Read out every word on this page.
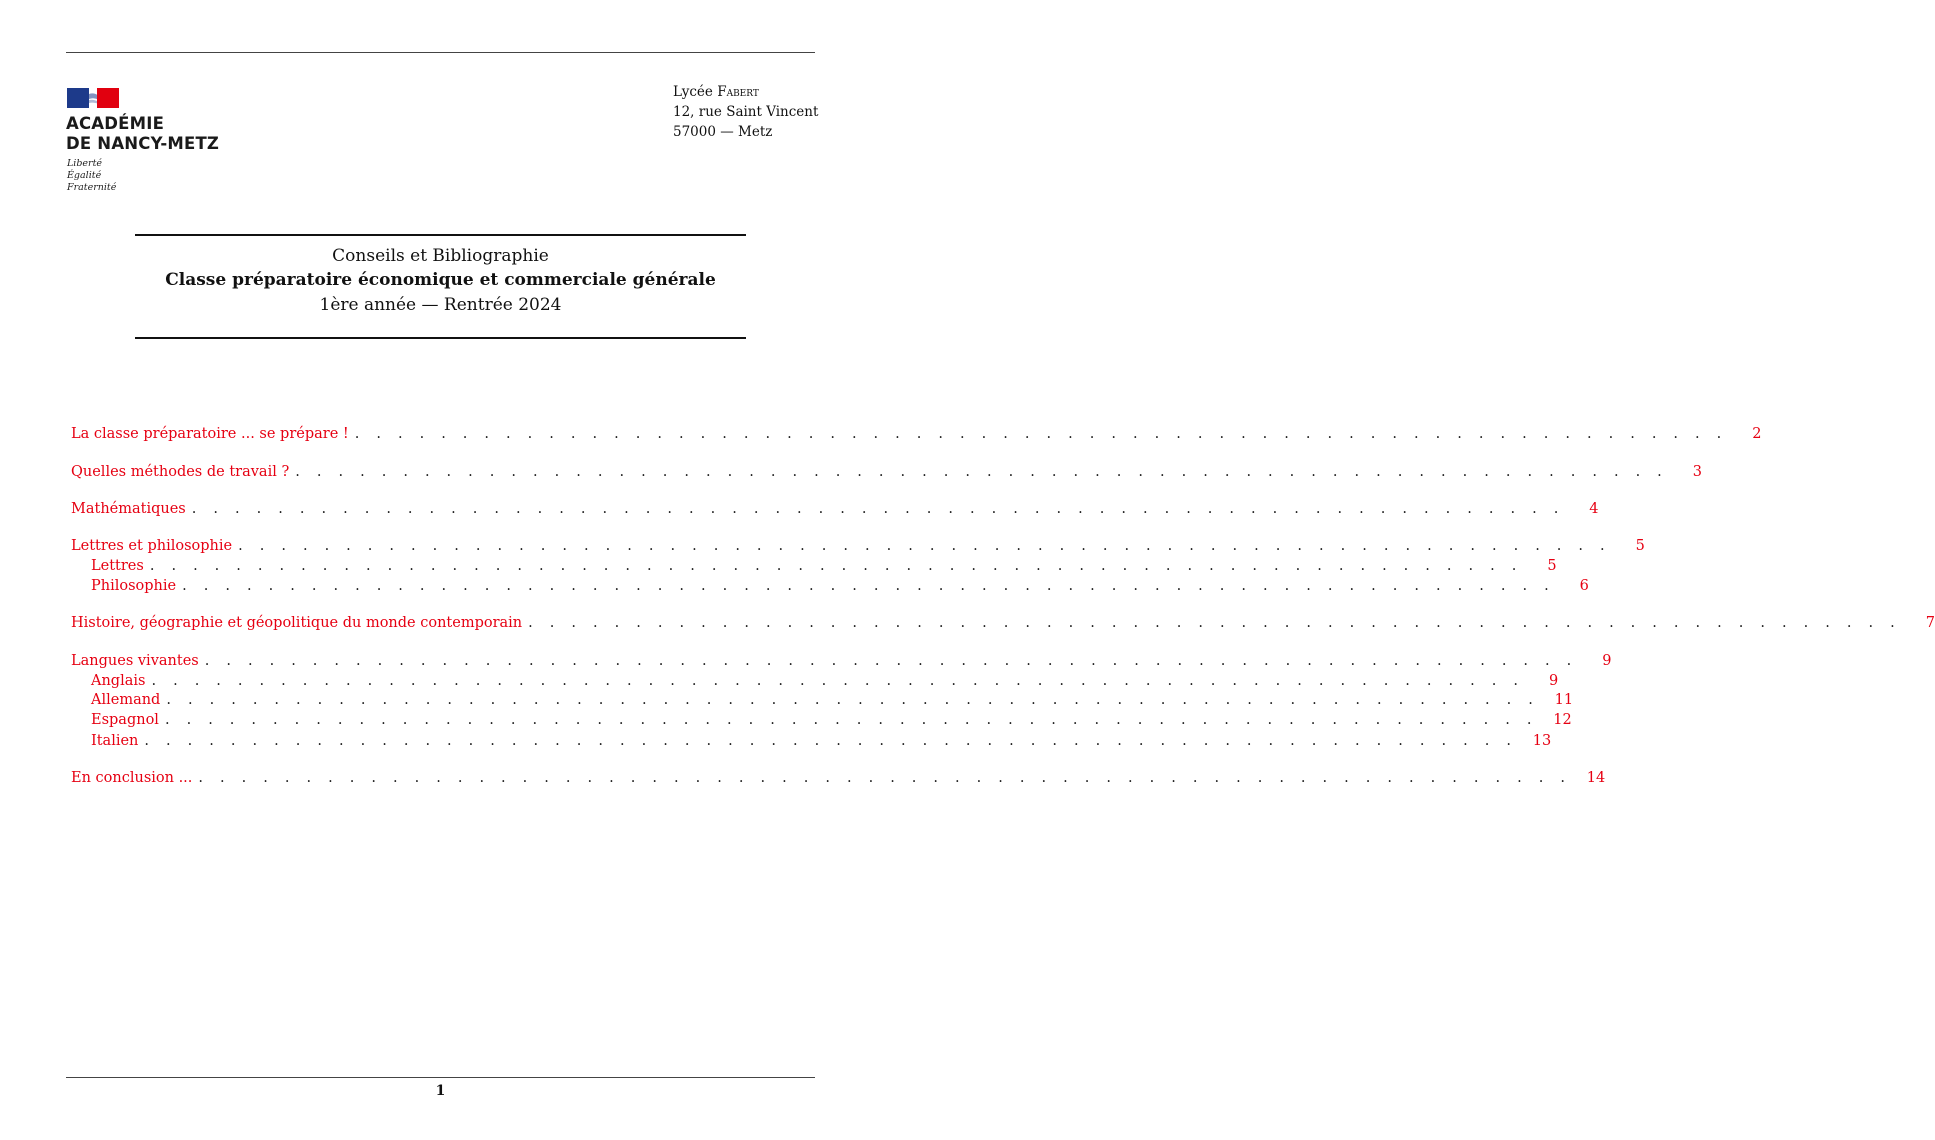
ACADÉMIE
DE NANCY-METZ
Liberté
Égalité
Fraternité
Lycée Fabert
12, rue Saint Vincent
57000 — Metz
Conseils et Bibliographie
Classe préparatoire économique et commerciale générale
1ère année — Rentrée 2024
La classe préparatoire ... se prépare ! . . . . . . . . . . . . . . . . . . . . . . . . . . . . . . . . . . . . . . . . . . . . . . . . . . . . . . . . . . . . . . . .	2
Quelles méthodes de travail ? . . . . . . . . . . . . . . . . . . . . . . . . . . . . . . . . . . . . . . . . . . . . . . . . . . . . . . . . . . . . . . . .	3
Mathématiques . . . . . . . . . . . . . . . . . . . . . . . . . . . . . . . . . . . . . . . . . . . . . . . . . . . . . . . . . . . . . . . .	4
Lettres et philosophie . . . . . . . . . . . . . . . . . . . . . . . . . . . . . . . . . . . . . . . . . . . . . . . . . . . . . . . . . . . . . . . .	5
Lettres . . . . . . . . . . . . . . . . . . . . . . . . . . . . . . . . . . . . . . . . . . . . . . . . . . . . . . . . . . . . . . . .	5
Philosophie . . . . . . . . . . . . . . . . . . . . . . . . . . . . . . . . . . . . . . . . . . . . . . . . . . . . . . . . . . . . . . . .	6
Histoire, géographie et géopolitique du monde contemporain . . . . . . . . . . . . . . . . . . . . . . . . . . . . . . . . . . . . . . . . . . . . . . . . . . . . . . . . . . . . . . . .	7
Langues vivantes . . . . . . . . . . . . . . . . . . . . . . . . . . . . . . . . . . . . . . . . . . . . . . . . . . . . . . . . . . . . . . . .	9
Anglais . . . . . . . . . . . . . . . . . . . . . . . . . . . . . . . . . . . . . . . . . . . . . . . . . . . . . . . . . . . . . . . .	9
Allemand . . . . . . . . . . . . . . . . . . . . . . . . . . . . . . . . . . . . . . . . . . . . . . . . . . . . . . . . . . . . . . . .	11
Espagnol . . . . . . . . . . . . . . . . . . . . . . . . . . . . . . . . . . . . . . . . . . . . . . . . . . . . . . . . . . . . . . . .	12
Italien . . . . . . . . . . . . . . . . . . . . . . . . . . . . . . . . . . . . . . . . . . . . . . . . . . . . . . . . . . . . . . . .	13
En conclusion ... . . . . . . . . . . . . . . . . . . . . . . . . . . . . . . . . . . . . . . . . . . . . . . . . . . . . . . . . . . . . . . . .	14
1
